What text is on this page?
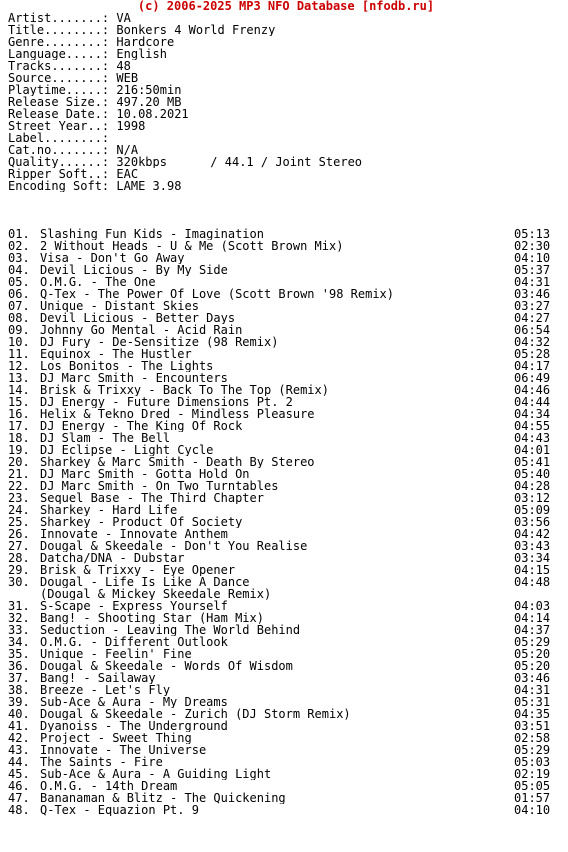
(c) 2006-2025 MP3 NFO Database [nfodb.ru]
Artist.......: VA
Title........: Bonkers 4 World Frenzy
Genre........: Hardcore
Language.....: English
Tracks.......: 48
Source.......: WEB
Playtime.....: 216:50min
Release Size.: 497.20 MB
Release Date.: 10.08.2021
Street Year..: 1998
Label........:
Cat.no.......: N/A
Quality......: 320kbps      / 44.1 / Joint Stereo
Ripper Soft..: EAC
Encoding Soft: LAME 3.98
01. Slashing Fun Kids - Imagination	05:13
02. 2 Without Heads - U & Me (Scott Brown Mix)	02:30
03. Visa - Don't Go Away	04:10
04. Devil Licious - By My Side	05:37
05. O.M.G. - The One	04:31
06. Q-Tex - The Power Of Love (Scott Brown '98 Remix)	03:46
07. Unique - Distant Skies	03:27
08. Devil Licious - Better Days	04:27
09. Johnny Go Mental - Acid Rain	06:54
10. DJ Fury - De-Sensitize (98 Remix)	04:32
11. Equinox - The Hustler	05:28
12. Los Bonitos - The Lights	04:17
13. DJ Marc Smith - Encounters	06:49
14. Brisk & Trixxy - Back To The Top (Remix)	04:46
15. DJ Energy - Future Dimensions Pt. 2	04:44
16. Helix & Tekno Dred - Mindless Pleasure	04:34
17. DJ Energy - The King Of Rock	04:55
18. DJ Slam - The Bell	04:43
19. DJ Eclipse - Light Cycle	04:01
20. Sharkey & Marc Smith - Death By Stereo	05:41
21. DJ Marc Smith - Gotta Hold On	05:40
22. DJ Marc Smith - On Two Turntables	04:28
23. Sequel Base - The Third Chapter	03:12
24. Sharkey - Hard Life	05:09
25. Sharkey - Product Of Society	03:56
26. Innovate - Innovate Anthem	04:42
27. Dougal & Skeedale - Don't You Realise	03:43
28. Datcha/DNA - Dubstar	03:34
29. Brisk & Trixxy - Eye Opener	04:15
30. Dougal - Life Is Like A Dance	04:48
(Dougal & Mickey Skeedale Remix)
31. S-Scape - Express Yourself	04:03
32. Bang! - Shooting Star (Ham Mix)	04:14
33. Seduction - Leaving The World Behind	04:37
34. O.M.G. - Different Outlook	05:29
35. Unique - Feelin' Fine	05:20
36. Dougal & Skeedale - Words Of Wisdom	05:20
37. Bang! - Sailaway	03:46
38. Breeze - Let's Fly	04:31
39. Sub-Ace & Aura - My Dreams	05:31
40. Dougal & Skeedale - Zurich (DJ Storm Remix)	04:35
41. Dyanoiss - The Underground	03:51
42. Project - Sweet Thing	02:58
43. Innovate - The Universe	05:29
44. The Saints - Fire	05:03
45. Sub-Ace & Aura - A Guiding Light	02:19
46. O.M.G. - 14th Dream	05:05
47. Bananaman & Blitz - The Quickening	01:57
48. Q-Tex - Equazion Pt. 9	04:10
